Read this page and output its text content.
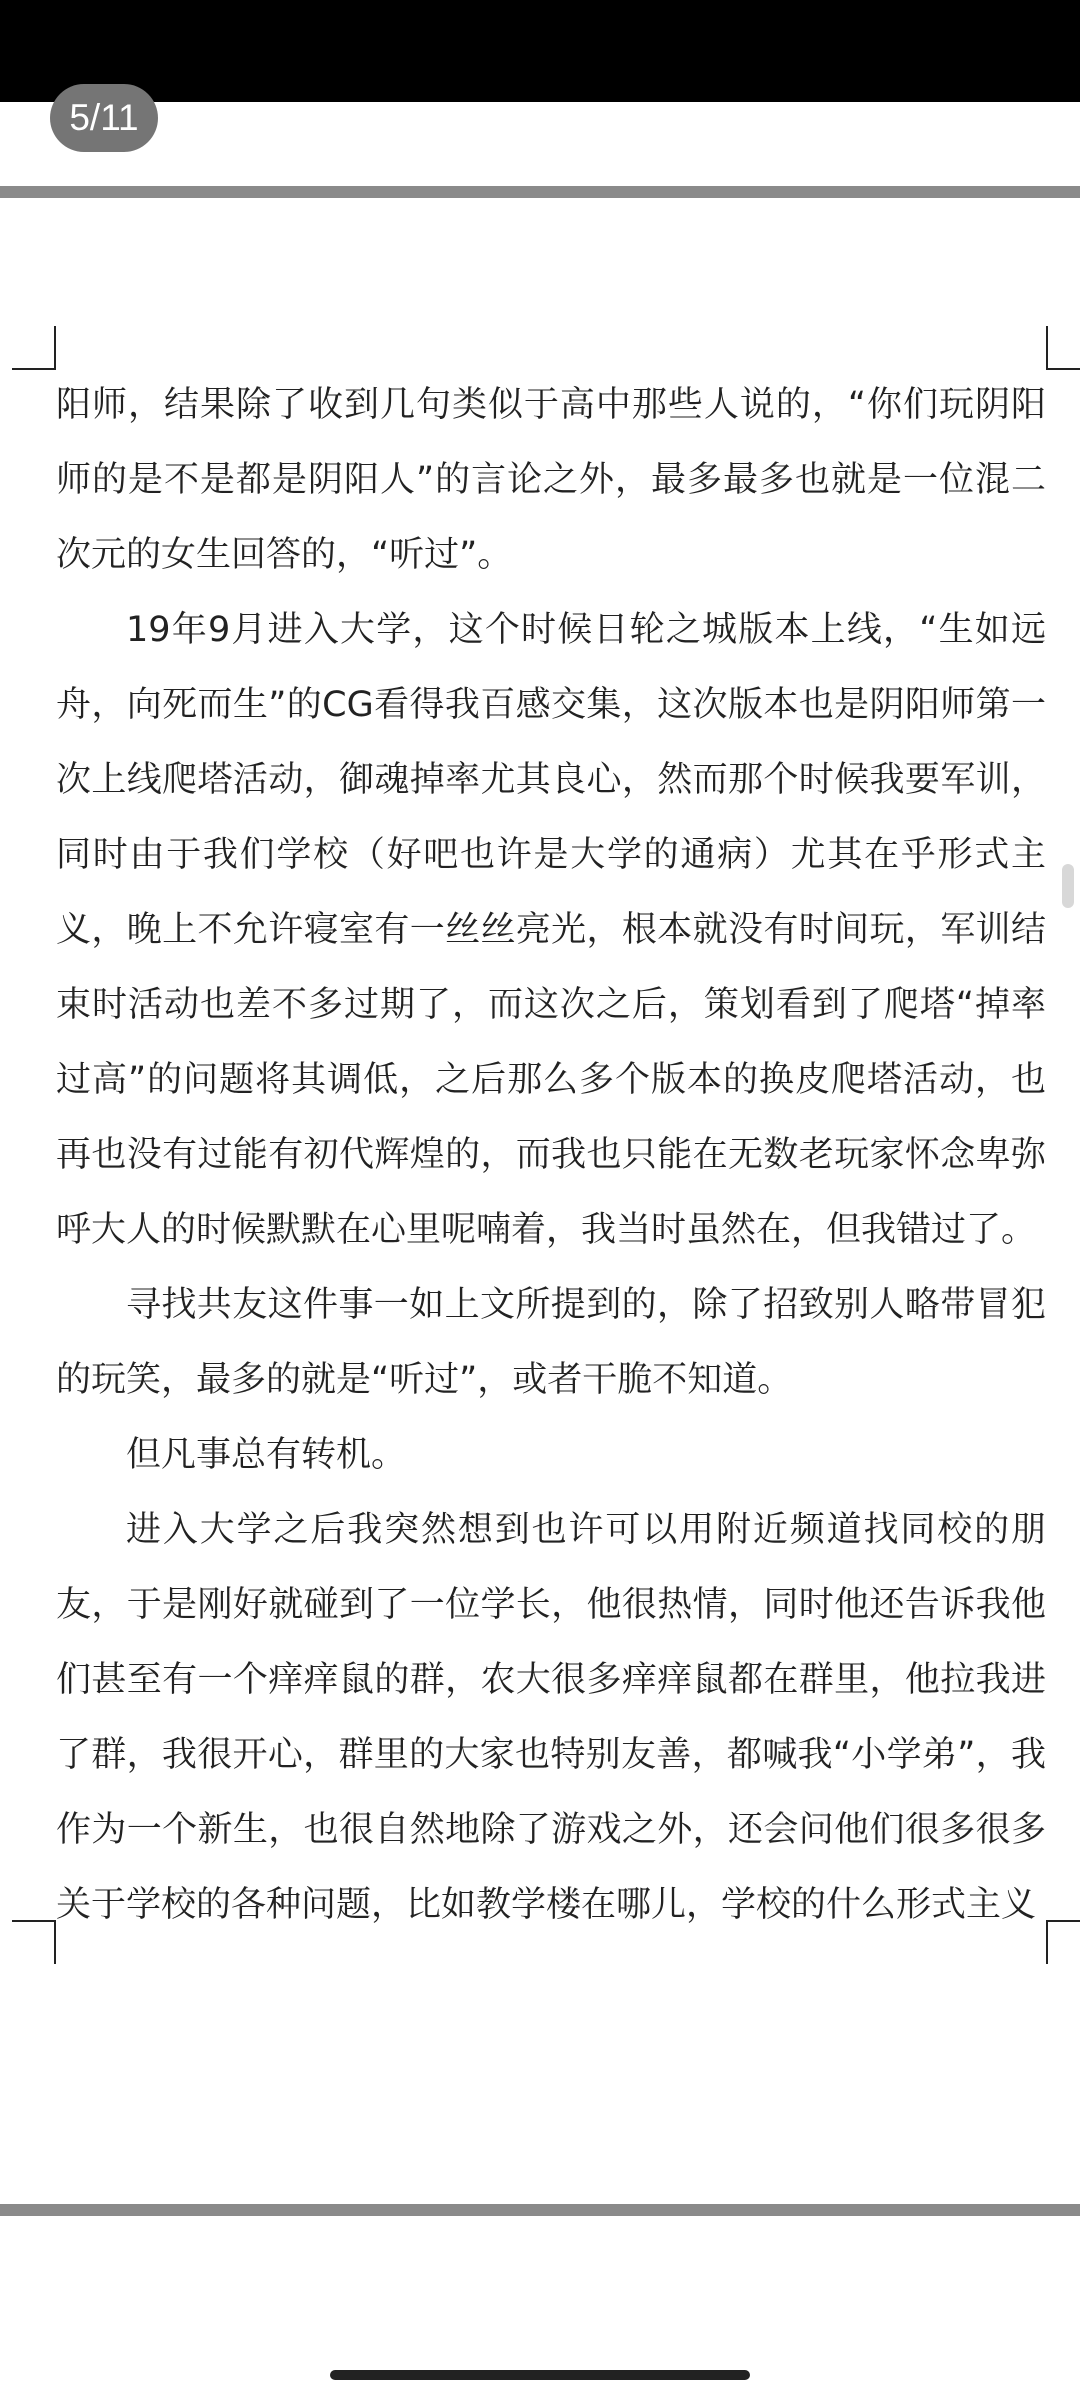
5/11

阳师，结果除了收到几句类似于高中那些人说的，“你们玩阴阳师的是不是都是阴阳人”的言论之外，最多最多也就是一位混二次元的女生回答的，“听过”。

19年9月进入大学，这个时候日轮之城版本上线，“生如远舟，向死而生”的CG看得我百感交集，这次版本也是阴阳师第一次上线爬塔活动，御魂掉率尤其良心，然而那个时候我要军训，同时由于我们学校（好吧也许是大学的通病）尤其在乎形式主义，晚上不允许寝室有一丝丝亮光，根本就没有时间玩，军训结束时活动也差不多过期了，而这次之后，策划看到了爬塔“掉率过高”的问题将其调低，之后那么多个版本的换皮爬塔活动，也再也没有过能有初代辉煌的，而我也只能在无数老玩家怀念卑弥呼大人的时候默默在心里呢喃着，我当时虽然在，但我错过了。

寻找共友这件事一如上文所提到的，除了招致别人略带冒犯的玩笑，最多的就是“听过”，或者干脆不知道。

但凡事总有转机。

进入大学之后我突然想到也许可以用附近频道找同校的朋友，于是刚好就碰到了一位学长，他很热情，同时他还告诉我他们甚至有一个痒痒鼠的群，农大很多痒痒鼠都在群里，他拉我进了群，我很开心，群里的大家也特别友善，都喊我“小学弟”，我作为一个新生，也很自然地除了游戏之外，还会问他们很多很多关于学校的各种问题，比如教学楼在哪儿，学校的什么形式主义
